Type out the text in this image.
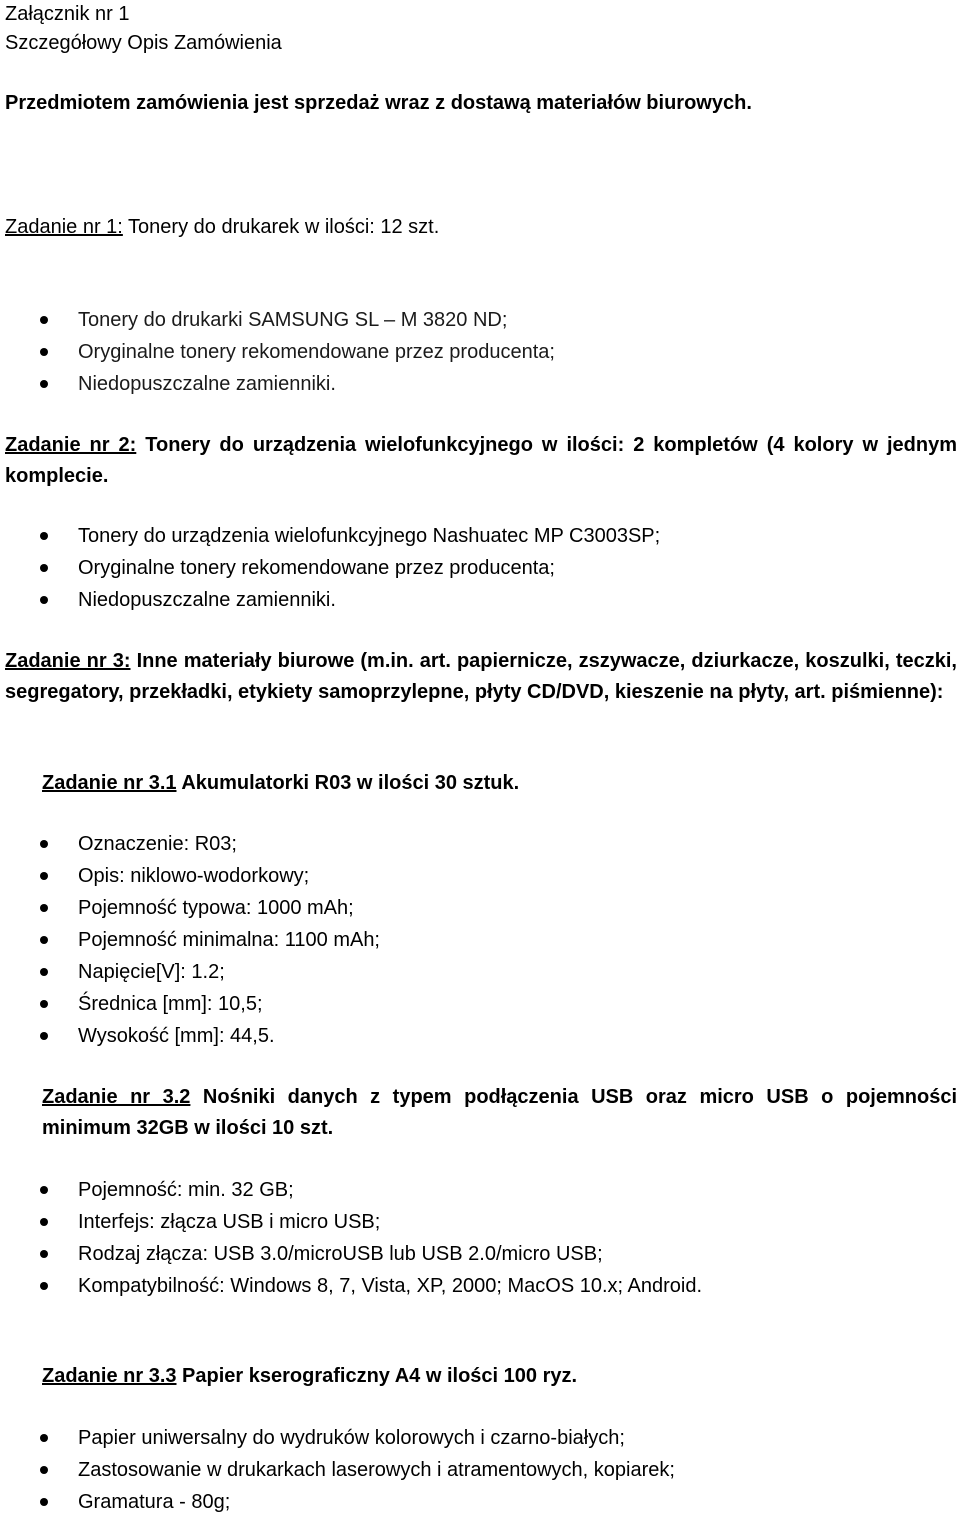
Załącznik nr 1

Szczegółowy Opis Zamówienia

Przedmiotem zamówienia jest sprzedaż wraz z dostawą materiałów biurowych.

Zadanie nr 1: Tonery do drukarek w ilości: 12 szt.

Tonery do drukarki SAMSUNG SL – M 3820 ND;
Oryginalne tonery rekomendowane przez producenta;
Niedopuszczalne zamienniki.

Zadanie nr 2: Tonery do urządzenia wielofunkcyjnego w ilości: 2 kompletów (4 kolory w jednym komplecie.

Tonery do urządzenia wielofunkcyjnego Nashuatec MP C3003SP;
Oryginalne tonery rekomendowane przez producenta;
Niedopuszczalne zamienniki.

Zadanie nr 3: Inne materiały biurowe (m.in. art. papiernicze, zszywacze, dziurkacze, koszulki, teczki, segregatory, przekładki, etykiety samoprzylepne, płyty CD/DVD, kieszenie na płyty, art. piśmienne):

Zadanie nr 3.1 Akumulatorki R03 w ilości 30 sztuk.

Oznaczenie: R03;
Opis: niklowo-wodorkowy;
Pojemność typowa: 1000 mAh;
Pojemność minimalna: 1100 mAh;
Napięcie[V]: 1.2;
Średnica [mm]: 10,5;
Wysokość [mm]: 44,5.

Zadanie nr 3.2 Nośniki danych z typem podłączenia USB oraz micro USB o pojemności minimum 32GB w ilości 10 szt.

Pojemność: min. 32 GB;
Interfejs: złącza USB i micro USB;
Rodzaj złącza: USB 3.0/microUSB lub USB 2.0/micro USB;
Kompatybilność: Windows 8, 7, Vista, XP, 2000; MacOS 10.x; Android.

Zadanie nr 3.3 Papier kserograficzny A4 w ilości 100 ryz.

Papier uniwersalny do wydruków kolorowych i czarno-białych;
Zastosowanie w drukarkach laserowych i atramentowych, kopiarek;
Gramatura - 80g;
